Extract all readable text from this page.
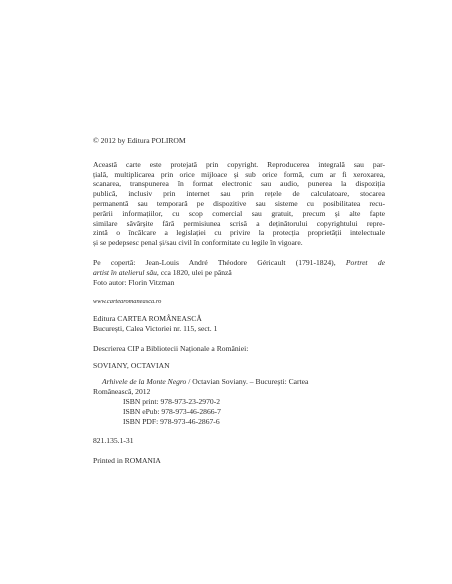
© 2012 by Editura POLIROM
Această carte este protejată prin copyright. Reproducerea integrală sau par-
țială, multiplicarea prin orice mijloace și sub orice formă, cum ar fi xeroxarea,
scanarea, transpunerea în format electronic sau audio, punerea la dispoziția
publică, inclusiv prin internet sau prin rețele de calculatoare, stocarea
permanentă sau temporară pe dispozitive sau sisteme cu posibilitatea recu-
perării informațiilor, cu scop comercial sau gratuit, precum și alte fapte
similare săvârșite fără permisiunea scrisă a deținătorului copyrightului repre-
zintă o încălcare a legislației cu privire la protecția proprietății intelectuale
și se pedepsesc penal și/sau civil în conformitate cu legile în vigoare.
Pe copertă: Jean-Louis André Théodore Géricault (1791-1824), Portret de
artist în atelierul său, cca 1820, ulei pe pânză
Foto autor: Florin Vitzman
www.cartearomaneasca.ro
Editura CARTEA ROMÂNEASCĂ
București, Calea Victoriei nr. 115, sect. 1
Descrierea CIP a Bibliotecii Naționale a României:
SOVIANY, OCTAVIAN
Arhivele de la Monte Negro / Octavian Soviany. – București: Cartea
Românească, 2012
ISBN print: 978-973-23-2970-2
ISBN ePub: 978-973-46-2866-7
ISBN PDF: 978-973-46-2867-6
821.135.1-31
Printed in ROMANIA
